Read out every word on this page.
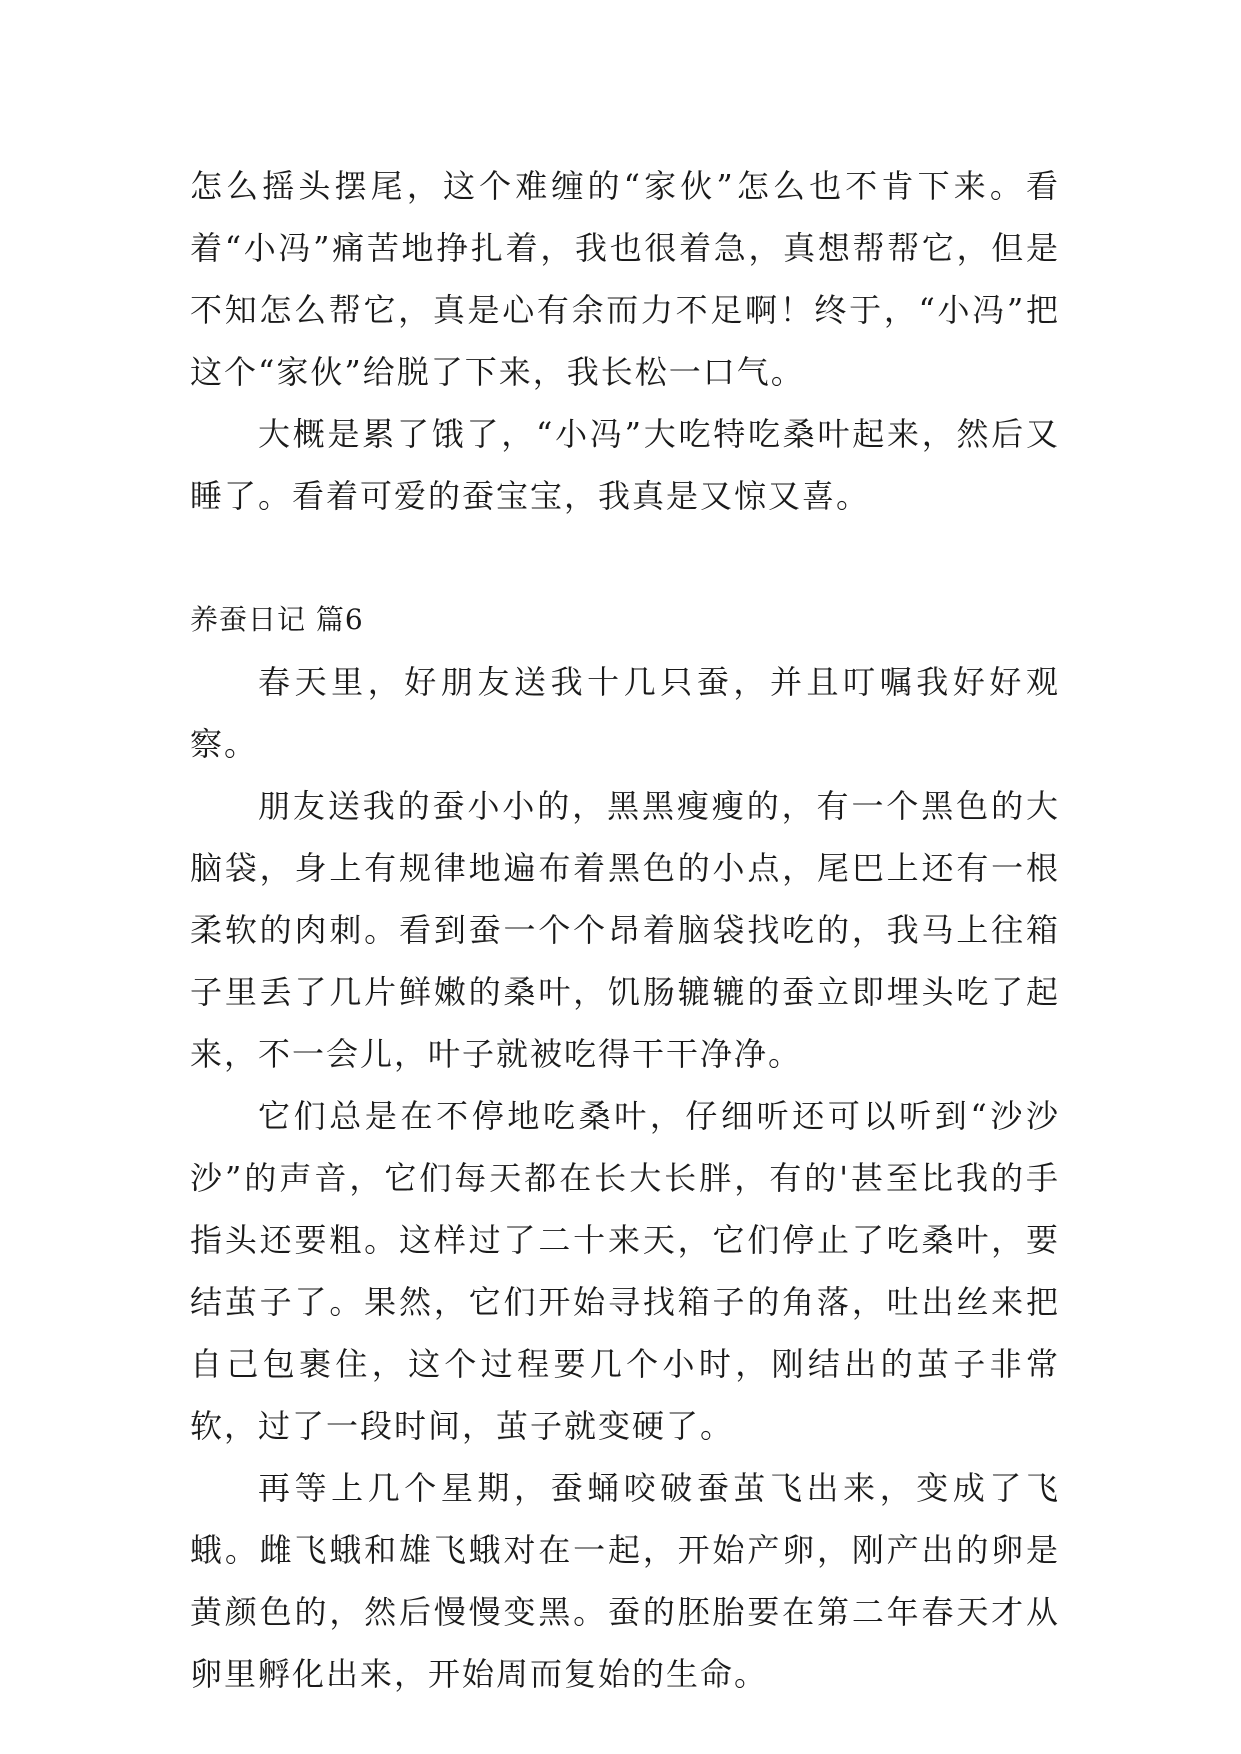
怎么摇头摆尾，这个难缠的“家伙”怎么也不肯下来。看着“小冯”痛苦地挣扎着，我也很着急，真想帮帮它，但是不知怎么帮它，真是心有余而力不足啊！终于，“小冯”把这个“家伙”给脱了下来，我长松一口气。

大概是累了饿了，“小冯”大吃特吃桑叶起来，然后又睡了。看着可爱的蚕宝宝，我真是又惊又喜。

养蚕日记 篇6

春天里，好朋友送我十几只蚕，并且叮嘱我好好观察。

朋友送我的蚕小小的，黑黑瘦瘦的，有一个黑色的大脑袋，身上有规律地遍布着黑色的小点，尾巴上还有一根柔软的肉刺。看到蚕一个个昂着脑袋找吃的，我马上往箱子里丢了几片鲜嫩的桑叶，饥肠辘辘的蚕立即埋头吃了起来，不一会儿，叶子就被吃得干干净净。

它们总是在不停地吃桑叶，仔细听还可以听到“沙沙沙”的声音，它们每天都在长大长胖，有的'甚至比我的手指头还要粗。这样过了二十来天，它们停止了吃桑叶，要结茧子了。果然，它们开始寻找箱子的角落，吐出丝来把自己包裹住，这个过程要几个小时，刚结出的茧子非常软，过了一段时间，茧子就变硬了。

再等上几个星期，蚕蛹咬破蚕茧飞出来，变成了飞蛾。雌飞蛾和雄飞蛾对在一起，开始产卵，刚产出的卵是黄颜色的，然后慢慢变黑。蚕的胚胎要在第二年春天才从卵里孵化出来，开始周而复始的生命。
